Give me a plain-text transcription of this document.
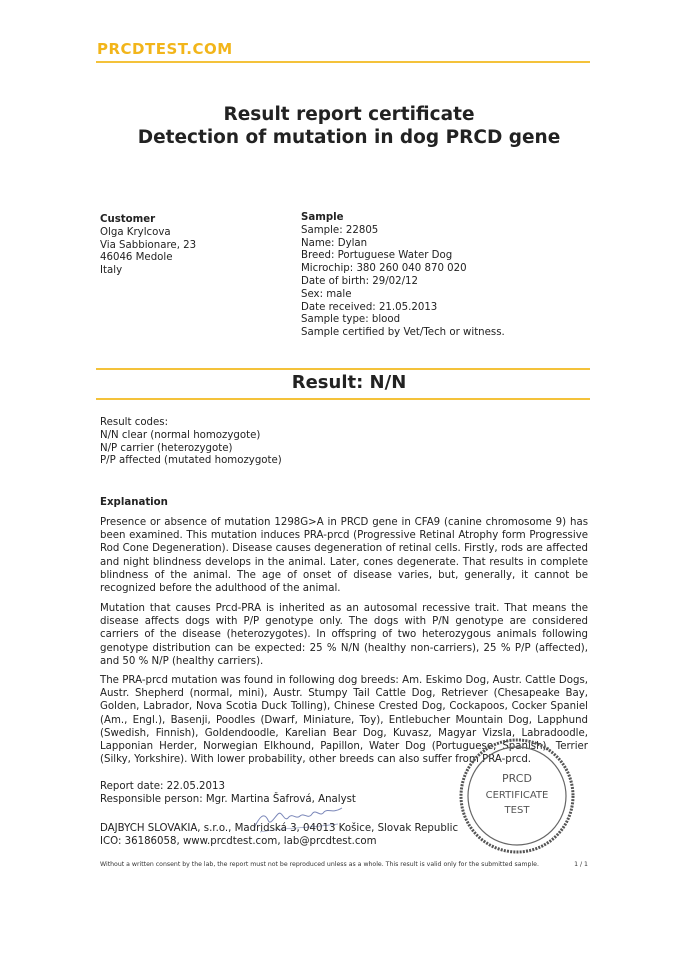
PRCDTEST.COM
Result report certificate
Detection of mutation in dog PRCD gene
Customer
Olga Krylcova
Via Sabbionare, 23
46046 Medole
Italy
Sample
Sample: 22805
Name: Dylan
Breed: Portuguese Water Dog
Microchip: 380 260 040 870 020
Date of birth: 29/02/12
Sex: male
Date received: 21.05.2013
Sample type: blood
Sample certified by Vet/Tech or witness.
Result: N/N
Result codes:
N/N clear (normal homozygote)
N/P carrier (heterozygote)
P/P affected (mutated homozygote)
Explanation
Presence or absence of mutation 1298G>A in PRCD gene in CFA9 (canine chromosome 9) has been examined. This mutation induces PRA-prcd (Progressive Retinal Atrophy form Progressive Rod Cone Degeneration). Disease causes degeneration of retinal cells. Firstly, rods are affected and night blindness develops in the animal. Later, cones degenerate. That results in complete blindness of the animal. The age of onset of disease varies, but, generally, it cannot be recognized before the adulthood of the animal.
Mutation that causes Prcd-PRA is inherited as an autosomal recessive trait. That means the disease affects dogs with P/P genotype only. The dogs with P/N genotype are considered carriers of the disease (heterozygotes). In offspring of two heterozygous animals following genotype distribution can be expected: 25 % N/N (healthy non-carriers), 25 % P/P (affected), and 50 % N/P (healthy carriers).
The PRA-prcd mutation was found in following dog breeds: Am. Eskimo Dog, Austr. Cattle Dogs, Austr. Shepherd (normal, mini), Austr. Stumpy Tail Cattle Dog, Retriever (Chesapeake Bay, Golden, Labrador, Nova Scotia Duck Tolling), Chinese Crested Dog, Cockapoos, Cocker Spaniel (Am., Engl.), Basenji, Poodles (Dwarf, Miniature, Toy), Entlebucher Mountain Dog, Lapphund (Swedish, Finnish), Goldendoodle, Karelian Bear Dog, Kuvasz, Magyar Vizsla, Labradoodle, Lapponian Herder, Norwegian Elkhound, Papillon, Water Dog (Portuguese, Spanish), Terrier (Silky, Yorkshire). With lower probability, other breeds can also suffer from PRA-prcd.
Report date: 22.05.2013
Responsible person: Mgr. Martina Šafrová, Analyst
DAJBYCH SLOVAKIA, s.r.o., Madridská 3, 04013 Košice, Slovak Republic
ICO: 36186058, www.prcdtest.com, lab@prcdtest.com
PRCD
CERTIFICATE
TEST
Without a written consent by the lab, the report must not be reproduced unless as a whole. This result is valid only for the submitted sample.	1 / 1
